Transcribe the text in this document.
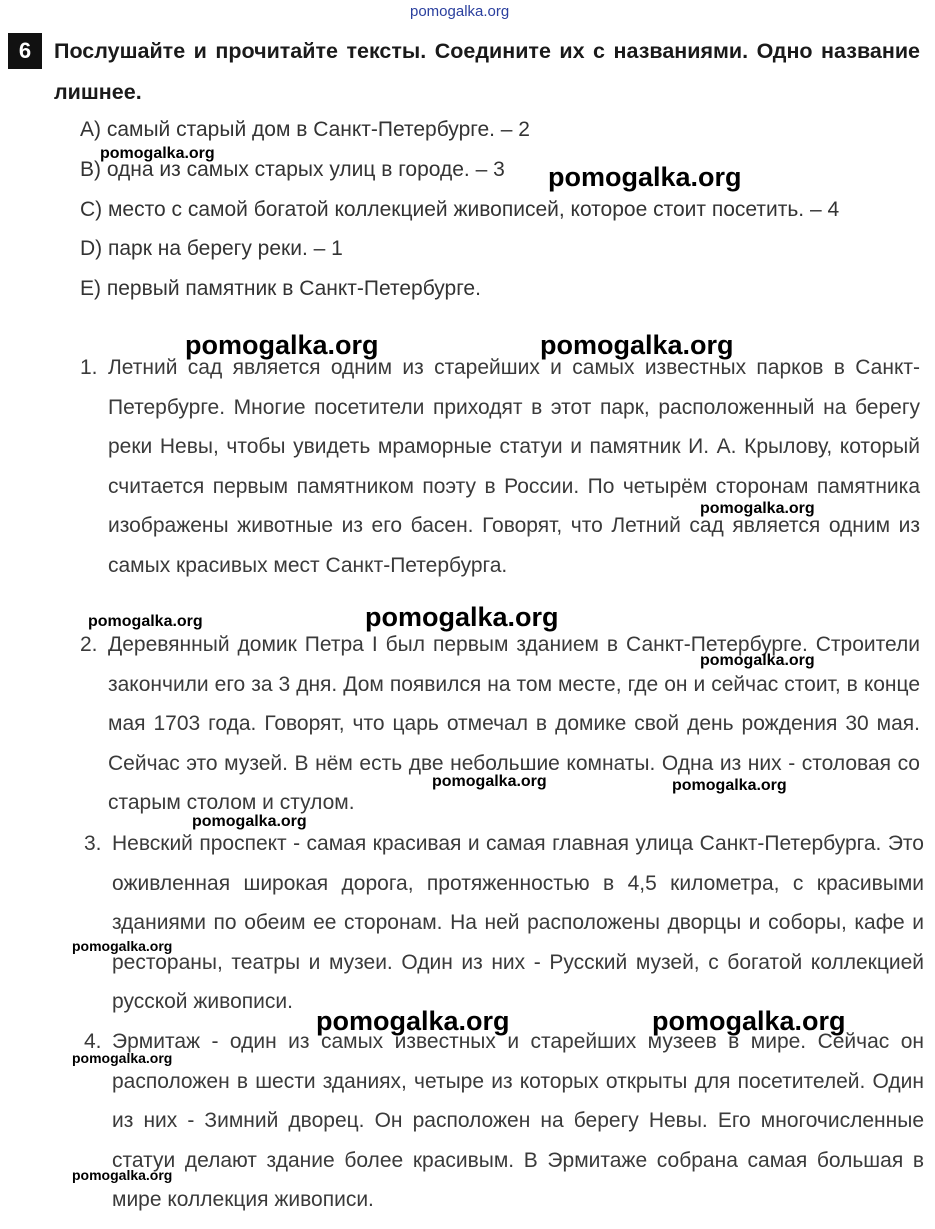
pomogalka.org
6	Послушайте и прочитайте тексты. Соедините их с названиями. Одно название лишнее.
A) самый старый дом в Санкт-Петербурге. – 2
B) одна из самых старых улиц в городе. – 3
C) место с самой богатой коллекцией живописей, которое стоит посетить. – 4
D) парк на берегу реки. – 1
E) первый памятник в Санкт-Петербурге.
1. Летний сад является одним из старейших и самых известных парков в Санкт-Петербурге. Многие посетители приходят в этот парк, расположенный на берегу реки Невы, чтобы увидеть мраморные статуи и памятник И. А. Крылову, который считается первым памятником поэту в России. По четырём сторонам памятника изображены животные из его басен. Говорят, что Летний сад является одним из самых красивых мест Санкт-Петербурга.
2. Деревянный домик Петра I был первым зданием в Санкт-Петербурге. Строители закончили его за 3 дня. Дом появился на том месте, где он и сейчас стоит, в конце мая 1703 года. Говорят, что царь отмечал в домике свой день рождения 30 мая. Сейчас это музей. В нём есть две небольшие комнаты. Одна из них - столовая со старым столом и стулом.
3. Невский проспект - самая красивая и самая главная улица Санкт-Петербурга. Это оживленная широкая дорога, протяженностью в 4,5 километра, с красивыми зданиями по обеим ее сторонам. На ней расположены дворцы и соборы, кафе и рестораны, театры и музеи. Один из них - Русский музей, с богатой коллекцией русской живописи.
4. Эрмитаж - один из самых известных и старейших музеев в мире. Сейчас он расположен в шести зданиях, четыре из которых открыты для посетителей. Один из них - Зимний дворец. Он расположен на берегу Невы. Его многочисленные статуи делают здание более красивым. В Эрмитаже собрана самая большая в мире коллекция живописи.
pomogalka.org
pomogalka.org
pomogalka.org	pomogalka.org
pomogalka.org
pomogalka.org	pomogalka.org
pomogalka.org
pomogalka.org	pomogalka.org
pomogalka.org
pomogalka.org
pomogalka.org	pomogalka.org
pomogalka.org
pomogalka.org
